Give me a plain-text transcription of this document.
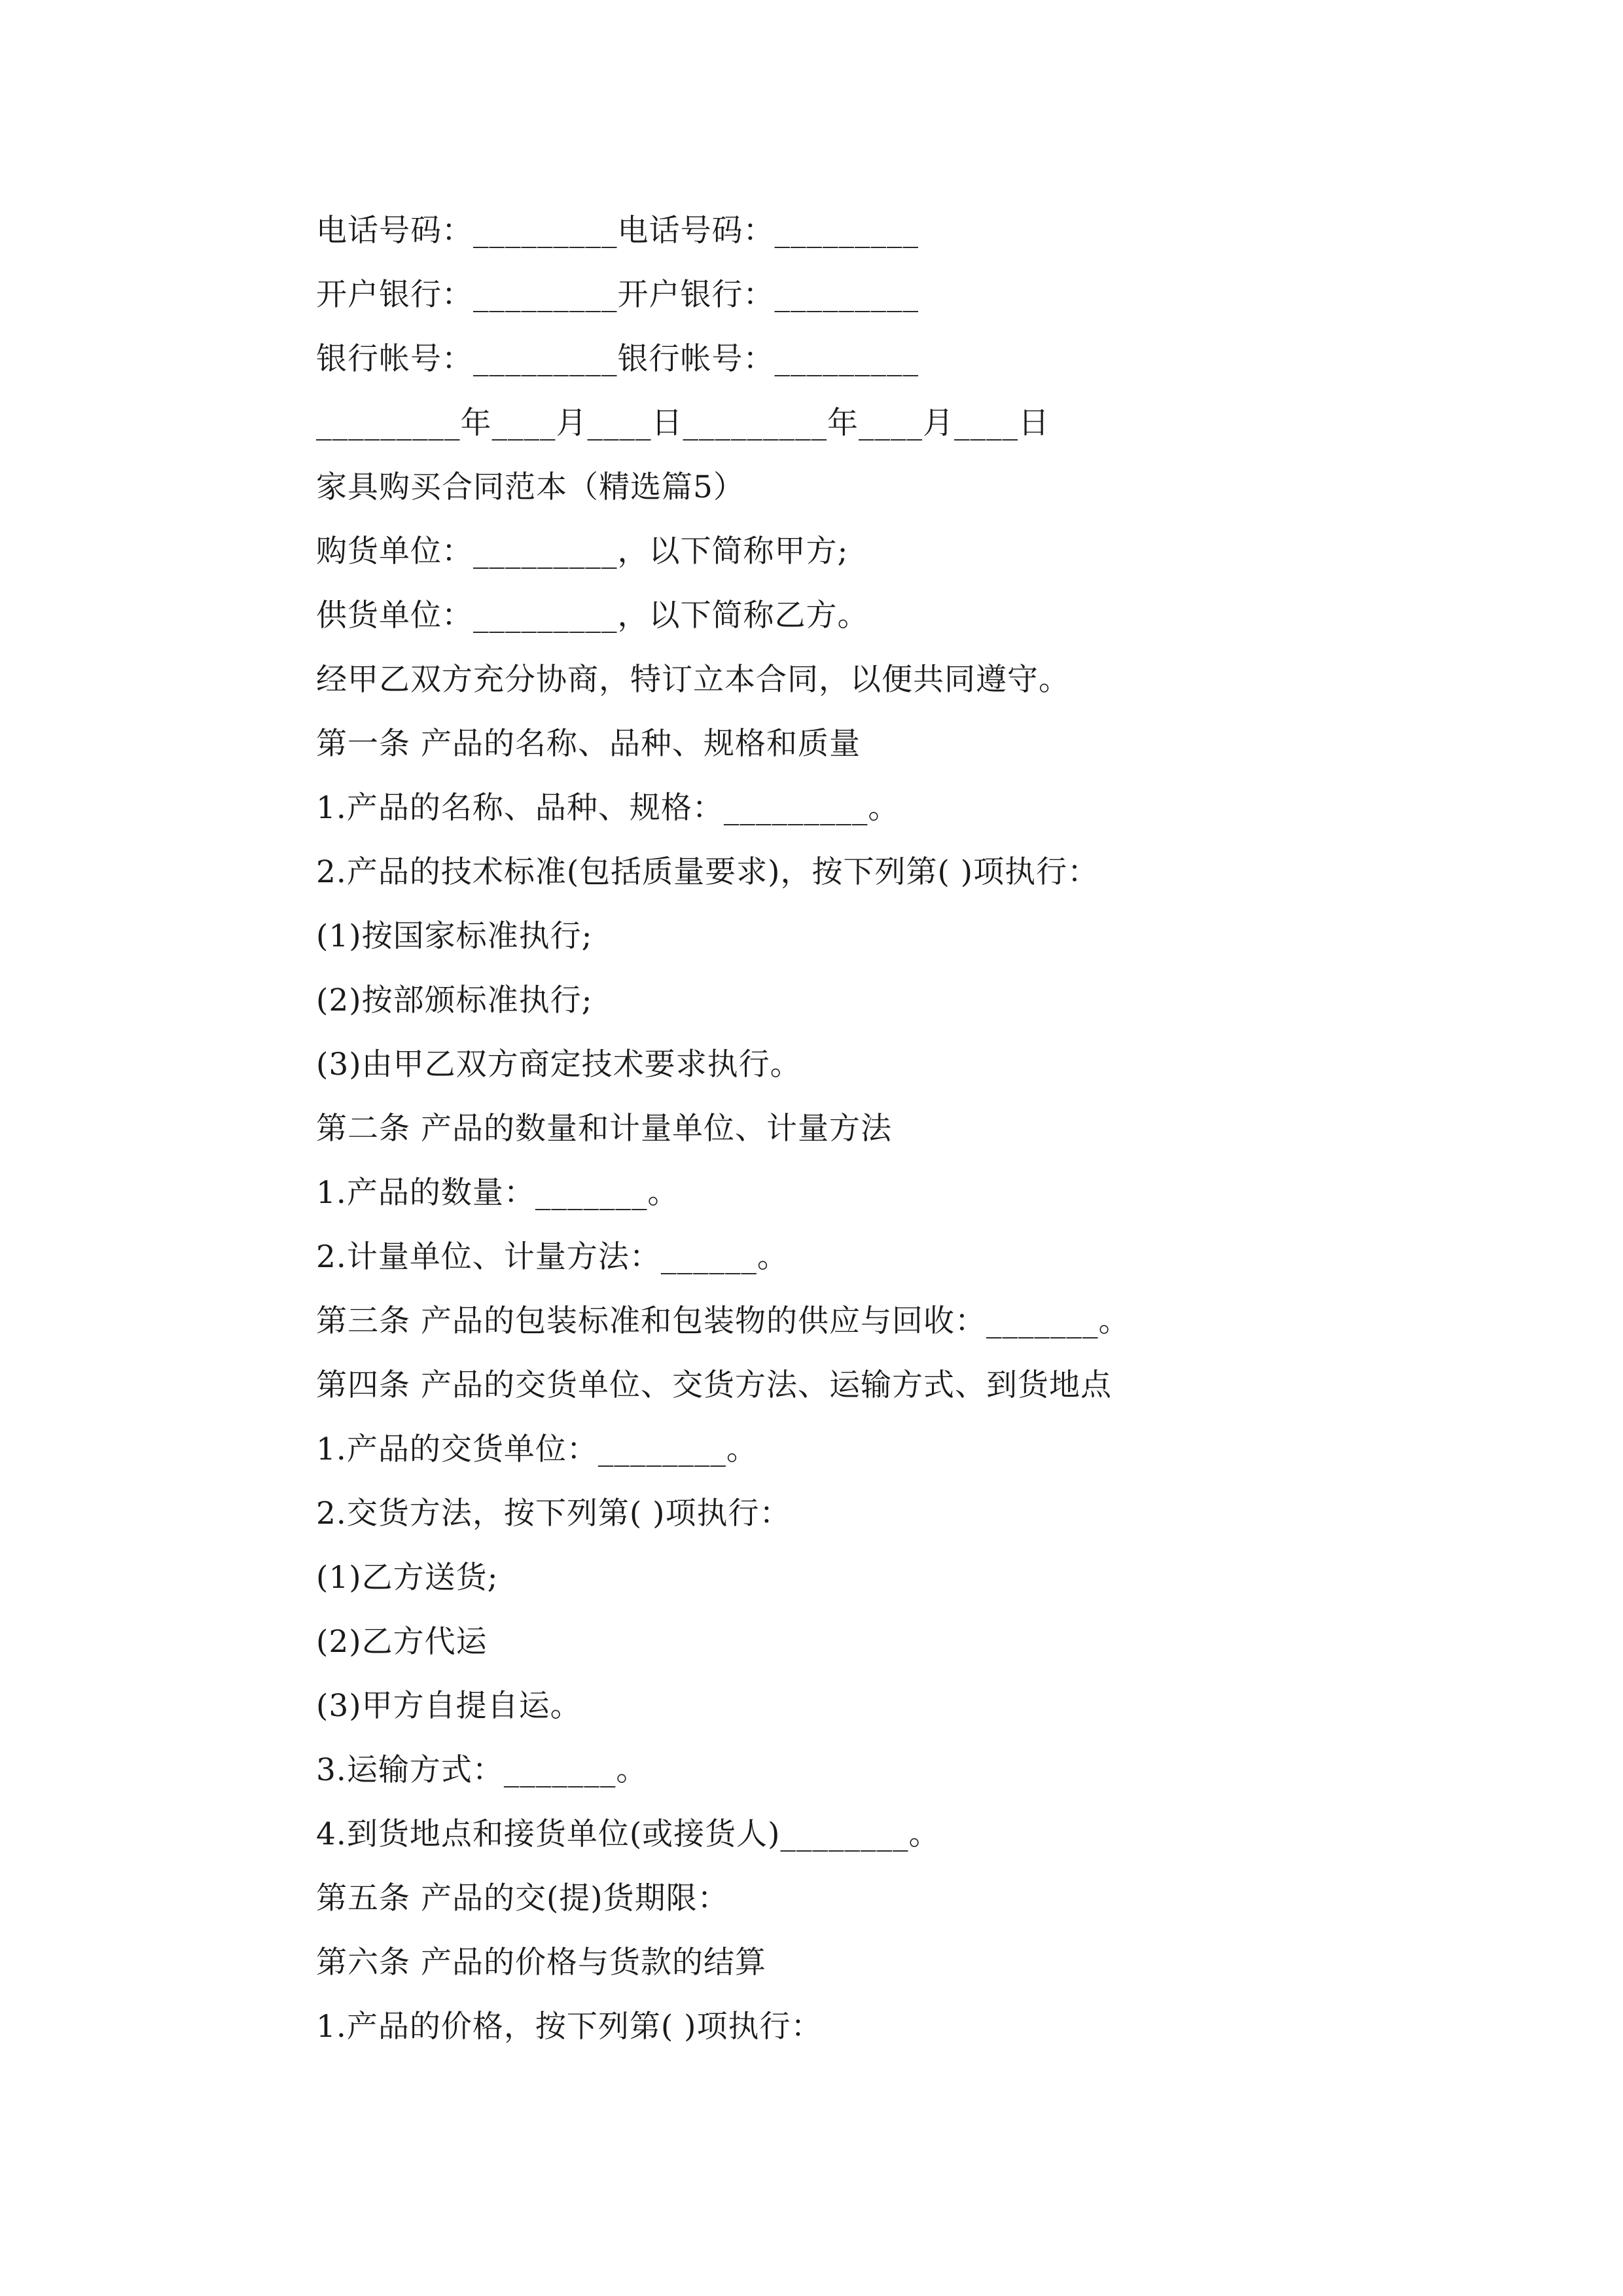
电话号码：_________电话号码：_________
开户银行：_________开户银行：_________
银行帐号：_________银行帐号：_________
_________年____月____日_________年____月____日
家具购买合同范本（精选篇5）
购货单位：_________，以下简称甲方;
供货单位：_________，以下简称乙方。
经甲乙双方充分协商，特订立本合同，以便共同遵守。
第一条 产品的名称、品种、规格和质量
1.产品的名称、品种、规格：_________。
2.产品的技术标准(包括质量要求)，按下列第( )项执行：
(1)按国家标准执行;
(2)按部颁标准执行;
(3)由甲乙双方商定技术要求执行。
第二条 产品的数量和计量单位、计量方法
1.产品的数量：_______。
2.计量单位、计量方法：______。
第三条 产品的包装标准和包装物的供应与回收：_______。
第四条 产品的交货单位、交货方法、运输方式、到货地点
1.产品的交货单位：________。
2.交货方法，按下列第( )项执行：
(1)乙方送货;
(2)乙方代运
(3)甲方自提自运。
3.运输方式：_______。
4.到货地点和接货单位(或接货人)________。
第五条 产品的交(提)货期限：
第六条 产品的价格与货款的结算
1.产品的价格，按下列第( )项执行：
